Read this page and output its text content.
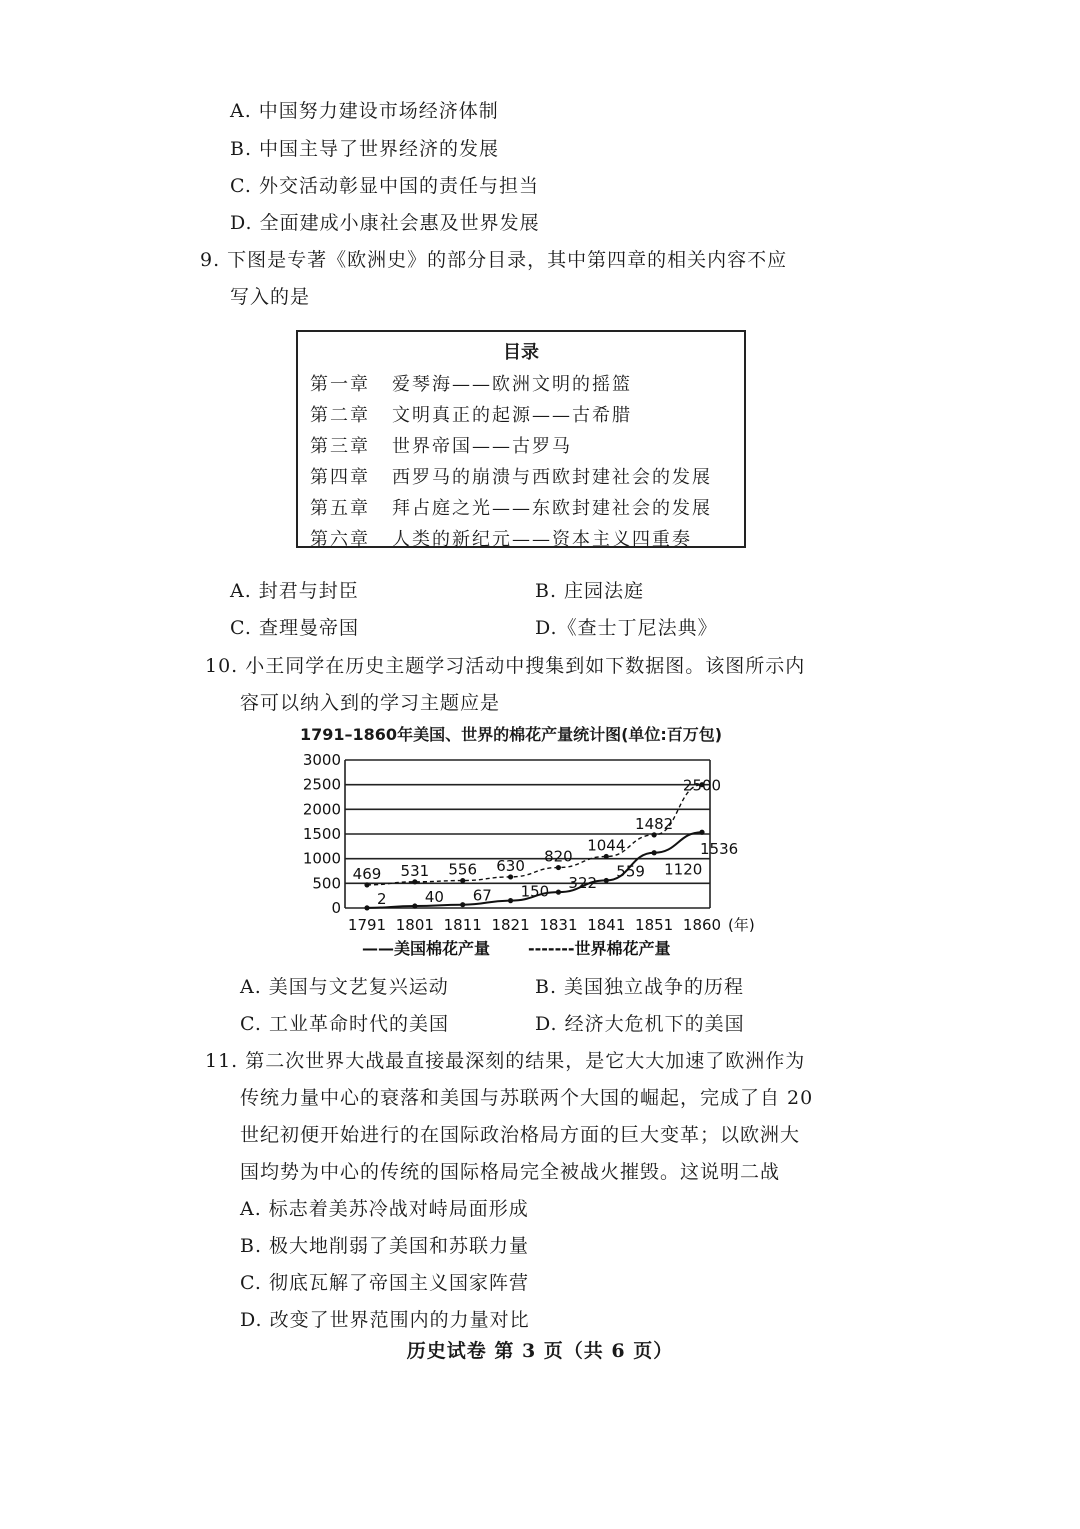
A. 中国努力建设市场经济体制
B. 中国主导了世界经济的发展
C. 外交活动彰显中国的责任与担当
D. 全面建成小康社会惠及世界发展
9. 下图是专著《欧洲史》的部分目录，其中第四章的相关内容不应
写入的是
目录
第一章 爱琴海——欧洲文明的摇篮
第二章 文明真正的起源——古希腊
第三章 世界帝国——古罗马
第四章 西罗马的崩溃与西欧封建社会的发展
第五章 拜占庭之光——东欧封建社会的发展
第六章 人类的新纪元——资本主义四重奏
A. 封君与封臣	B. 庄园法庭
C. 查理曼帝国	D.《查士丁尼法典》
10. 小王同学在历史主题学习活动中搜集到如下数据图。该图所示内
容可以纳入到的学习主题应是
1791–1860年美国、世界的棉花产量统计图(单位:百万包)
0
500
1000
1500
2000
2500
3000
1791 1801 1811 1821 1831 1841 1851 1860 (年)
2	40 67 150 322
559 1120
1536
469 531 556 630
820
1044
1482
2500
——美国棉花产量 -------世界棉花产量
A. 美国与文艺复兴运动	B. 美国独立战争的历程
C. 工业革命时代的美国	D. 经济大危机下的美国
11. 第二次世界大战最直接最深刻的结果，是它大大加速了欧洲作为
传统力量中心的衰落和美国与苏联两个大国的崛起，完成了自 20
世纪初便开始进行的在国际政治格局方面的巨大变革；以欧洲大
国均势为中心的传统的国际格局完全被战火摧毁。这说明二战
A. 标志着美苏冷战对峙局面形成
B. 极大地削弱了美国和苏联力量
C. 彻底瓦解了帝国主义国家阵营
D. 改变了世界范围内的力量对比
历史试卷 第 3 页（共 6 页）
